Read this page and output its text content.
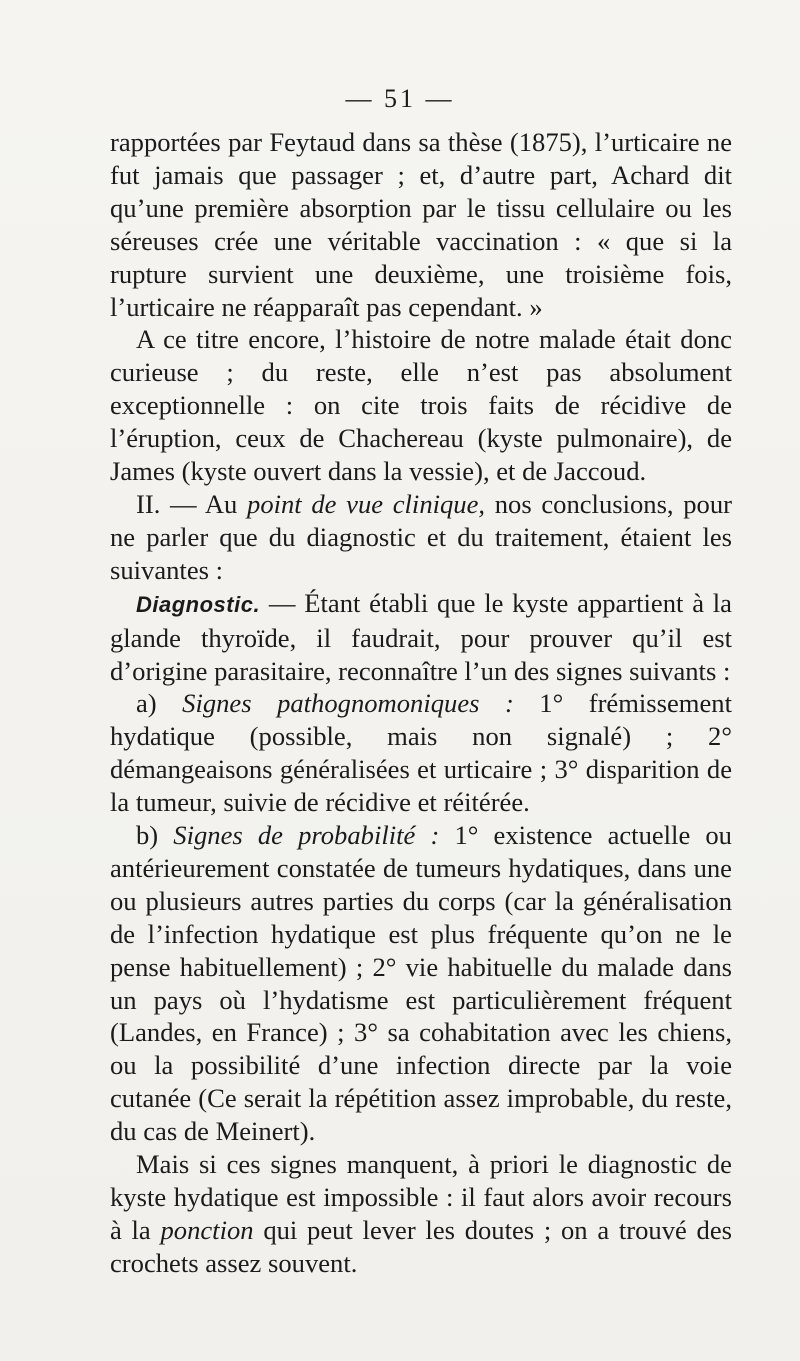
— 51 —

rapportées par Feytaud dans sa thèse (1875), l’urticaire ne fut jamais que passager ; et, d’autre part, Achard dit qu’une première absorption par le tissu cellulaire ou les séreuses crée une véritable vaccination : « que si la rupture survient une deuxième, une troisième fois, l’urticaire ne réapparaît pas cependant. »

A ce titre encore, l’histoire de notre malade était donc curieuse ; du reste, elle n’est pas absolument exceptionnelle : on cite trois faits de récidive de l’éruption, ceux de Chachereau (kyste pulmonaire), de James (kyste ouvert dans la vessie), et de Jaccoud.

II. — Au point de vue clinique, nos conclusions, pour ne parler que du diagnostic et du traitement, étaient les suivantes :

Diagnostic. — Étant établi que le kyste appartient à la glande thyroïde, il faudrait, pour prouver qu’il est d’origine parasitaire, reconnaître l’un des signes suivants :

a) Signes pathognomoniques : 1° frémissement hydatique (possible, mais non signalé) ; 2° démangeaisons généralisées et urticaire ; 3° disparition de la tumeur, suivie de récidive et réitérée.

b) Signes de probabilité : 1° existence actuelle ou antérieurement constatée de tumeurs hydatiques, dans une ou plusieurs autres parties du corps (car la généralisation de l’infection hydatique est plus fréquente qu’on ne le pense habituellement) ; 2° vie habituelle du malade dans un pays où l’hydatisme est particulièrement fréquent (Landes, en France) ; 3° sa cohabitation avec les chiens, ou la possibilité d’une infection directe par la voie cutanée (Ce serait la répétition assez improbable, du reste, du cas de Meinert).

Mais si ces signes manquent, à priori le diagnostic de kyste hydatique est impossible : il faut alors avoir recours à la ponction qui peut lever les doutes ; on a trouvé des crochets assez souvent.
